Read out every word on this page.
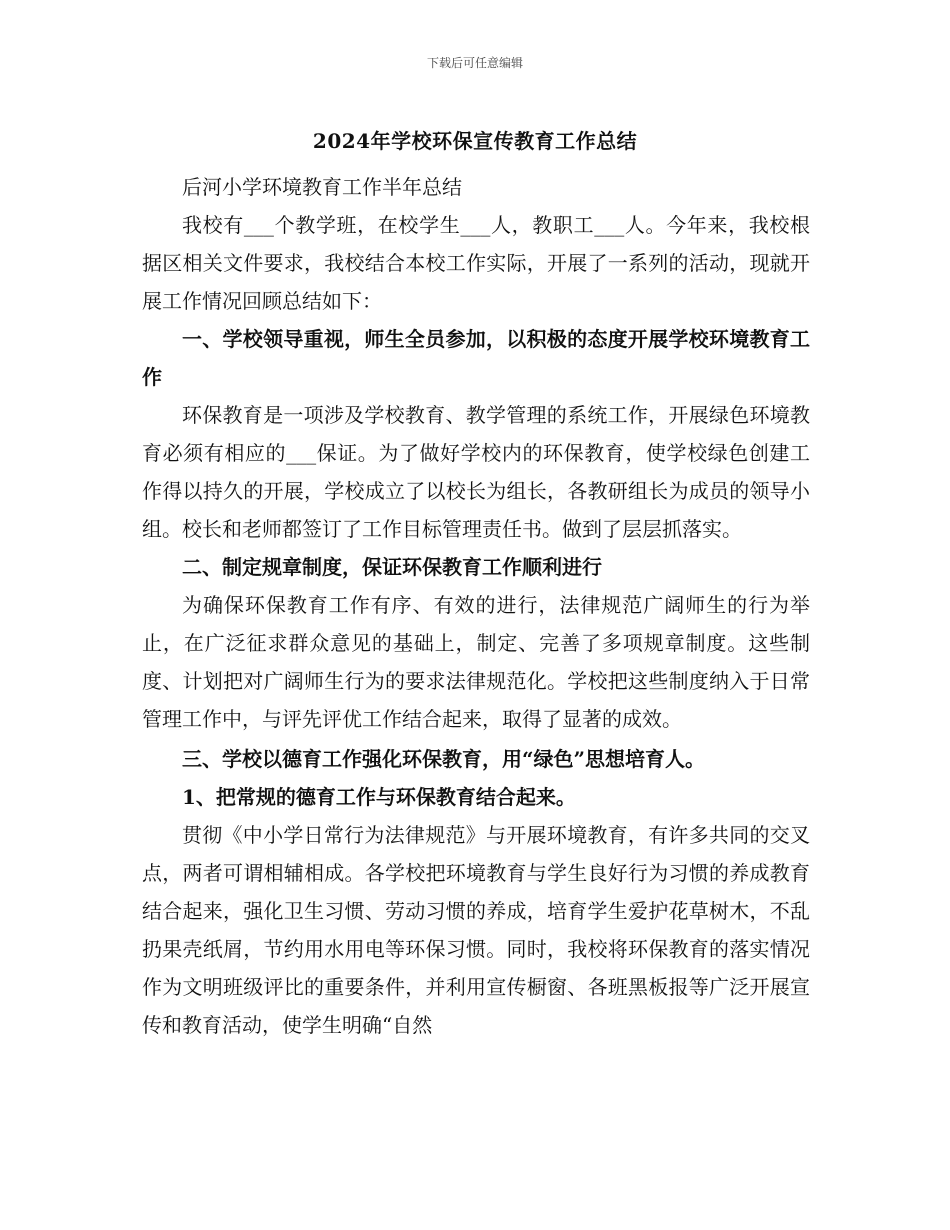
下载后可任意编辑
2024年学校环保宣传教育工作总结

后河小学环境教育工作半年总结

我校有___个教学班，在校学生___人，教职工___人。今年来，我校根据区相关文件要求，我校结合本校工作实际，开展了一系列的活动，现就开展工作情况回顾总结如下：

一、学校领导重视，师生全员参加，以积极的态度开展学校环境教育工作

环保教育是一项涉及学校教育、教学管理的系统工作，开展绿色环境教育必须有相应的___保证。为了做好学校内的环保教育，使学校绿色创建工作得以持久的开展，学校成立了以校长为组长，各教研组长为成员的领导小组。校长和老师都签订了工作目标管理责任书。做到了层层抓落实。

二、制定规章制度，保证环保教育工作顺利进行

为确保环保教育工作有序、有效的进行，法律规范广阔师生的行为举止，在广泛征求群众意见的基础上，制定、完善了多项规章制度。这些制度、计划把对广阔师生行为的要求法律规范化。学校把这些制度纳入于日常管理工作中，与评先评优工作结合起来，取得了显著的成效。

三、学校以德育工作强化环保教育，用“绿色”思想培育人。

1、把常规的德育工作与环保教育结合起来。

贯彻《中小学日常行为法律规范》与开展环境教育，有许多共同的交叉点，两者可谓相辅相成。各学校把环境教育与学生良好行为习惯的养成教育结合起来，强化卫生习惯、劳动习惯的养成，培育学生爱护花草树木，不乱扔果壳纸屑，节约用水用电等环保习惯。同时，我校将环保教育的落实情况作为文明班级评比的重要条件，并利用宣传橱窗、各班黑板报等广泛开展宣传和教育活动，使学生明确“自然
